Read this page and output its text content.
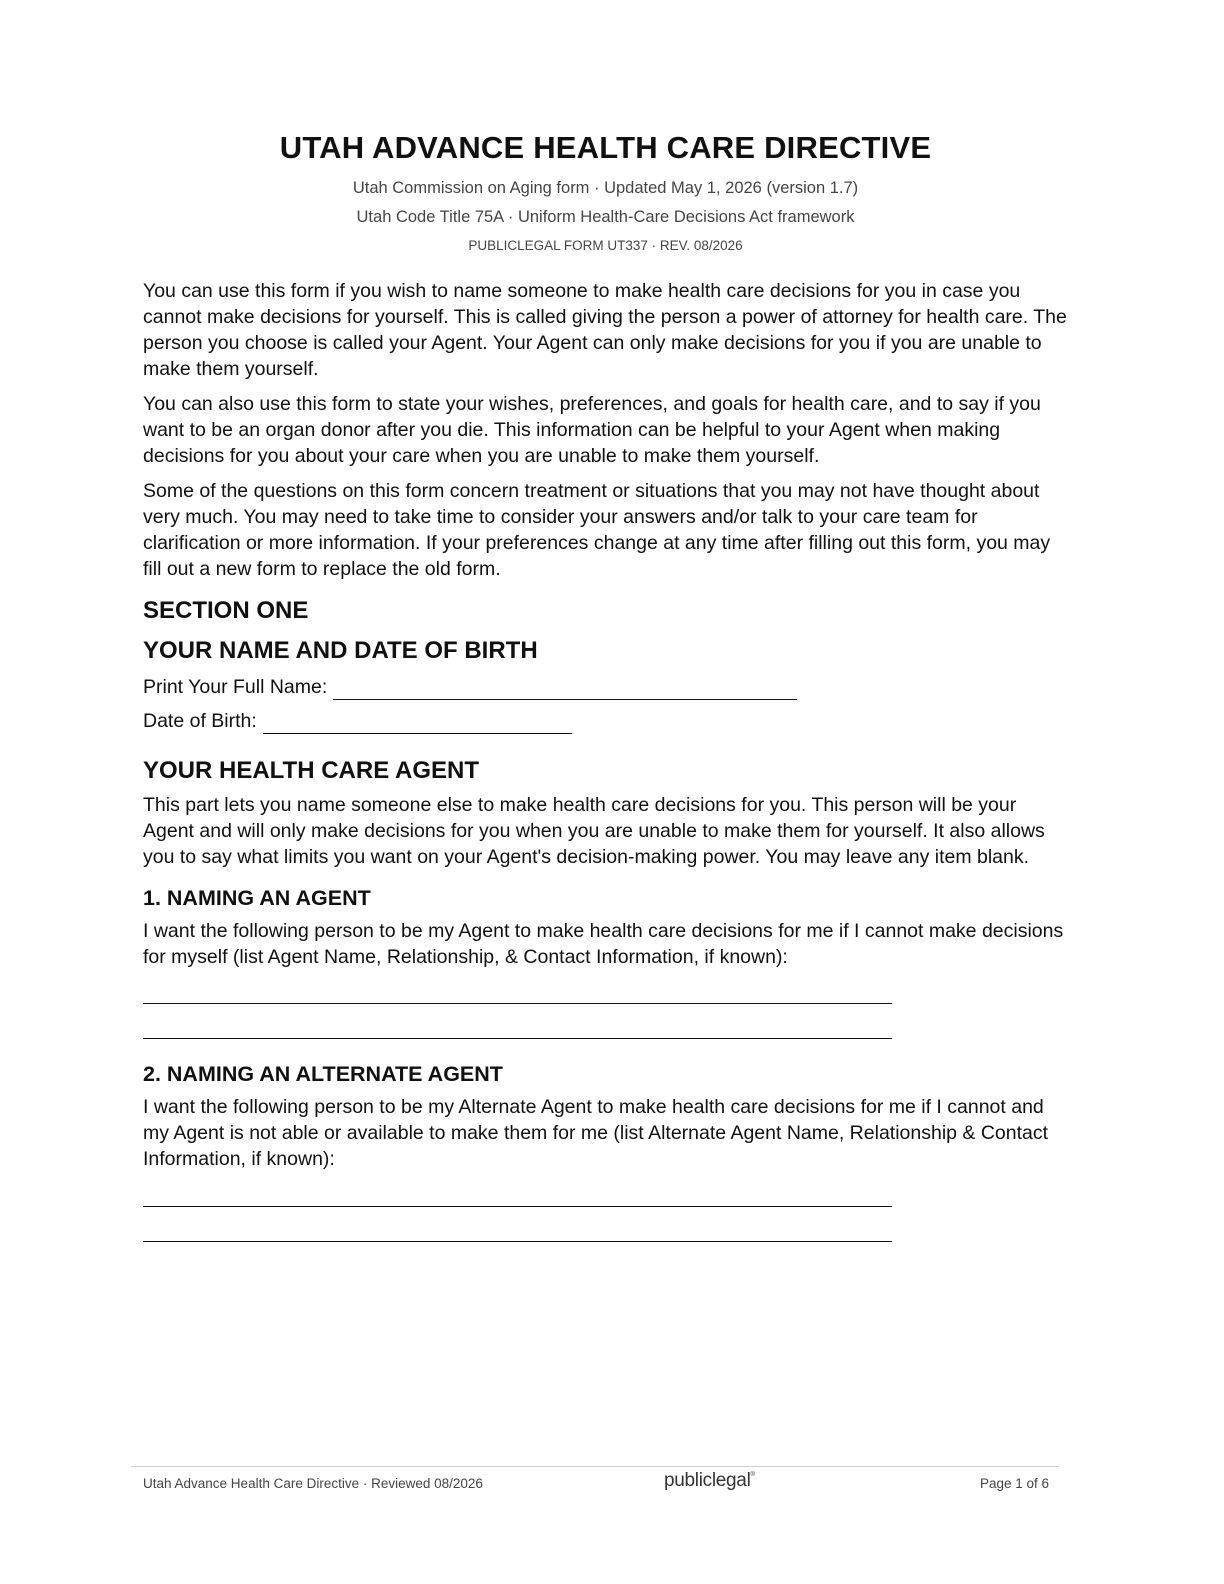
UTAH ADVANCE HEALTH CARE DIRECTIVE

Utah Commission on Aging form · Updated May 1, 2026 (version 1.7)

Utah Code Title 75A · Uniform Health-Care Decisions Act framework

PUBLICLEGAL FORM UT337 · REV. 08/2026

You can use this form if you wish to name someone to make health care decisions for you in case you cannot make decisions for yourself. This is called giving the person a power of attorney for health care. The person you choose is called your Agent. Your Agent can only make decisions for you if you are unable to make them yourself.

You can also use this form to state your wishes, preferences, and goals for health care, and to say if you want to be an organ donor after you die. This information can be helpful to your Agent when making decisions for you about your care when you are unable to make them yourself.

Some of the questions on this form concern treatment or situations that you may not have thought about very much. You may need to take time to consider your answers and/or talk to your care team for clarification or more information. If your preferences change at any time after filling out this form, you may fill out a new form to replace the old form.

SECTION ONE
YOUR NAME AND DATE OF BIRTH
Print Your Full Name:
Date of Birth:
YOUR HEALTH CARE AGENT

This part lets you name someone else to make health care decisions for you. This person will be your Agent and will only make decisions for you when you are unable to make them for yourself. It also allows you to say what limits you want on your Agent's decision-making power. You may leave any item blank.

1. NAMING AN AGENT

I want the following person to be my Agent to make health care decisions for me if I cannot make decisions for myself (list Agent Name, Relationship, & Contact Information, if known):

2. NAMING AN ALTERNATE AGENT

I want the following person to be my Alternate Agent to make health care decisions for me if I cannot and my Agent is not able or available to make them for me (list Alternate Agent Name, Relationship & Contact Information, if known):

Utah Advance Health Care Directive · Reviewed 08/2026	publiclegal®
Page 1 of 6
